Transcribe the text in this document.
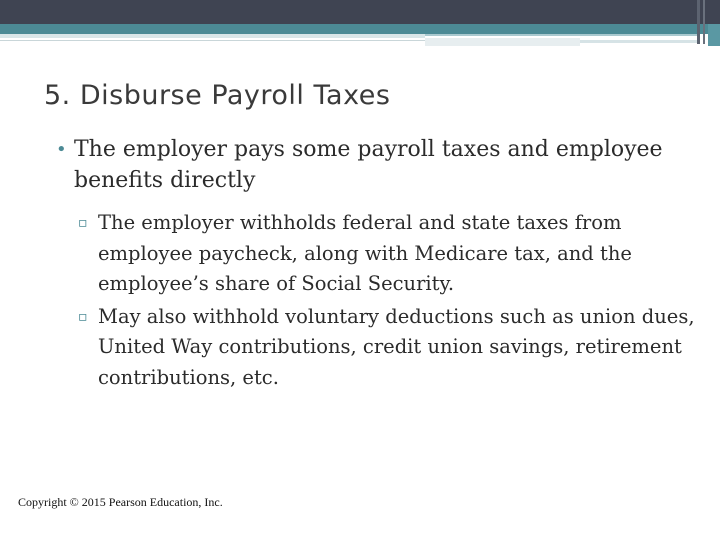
5. Disburse Payroll Taxes
• The employer pays some payroll taxes and employee benefits directly
▫ The employer withholds federal and state taxes from employee paycheck, along with Medicare tax, and the employee’s share of Social Security.
▫ May also withhold voluntary deductions such as union dues, United Way contributions, credit union savings, retirement contributions, etc.
Copyright © 2015 Pearson Education, Inc.
